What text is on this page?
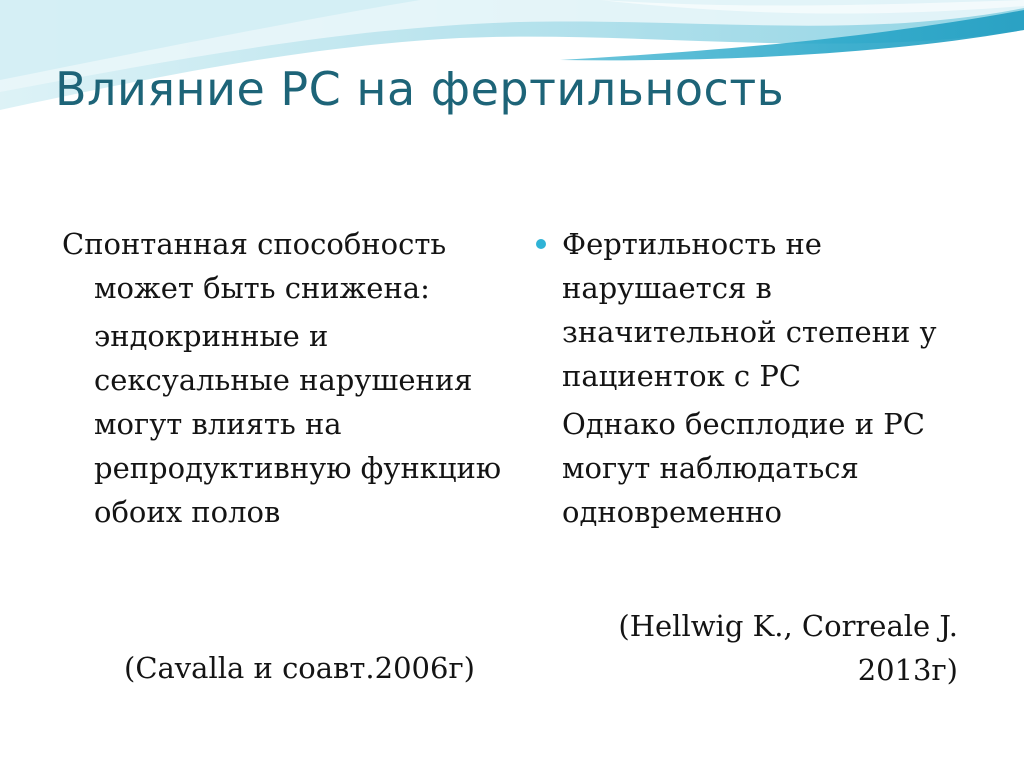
Влияние РС на фертильность

Спонтанная способность может быть снижена:

эндокринные и сексуальные нарушения могут влиять на репродуктивную функцию обоих полов

(Cavalla и соавт.2006г)

Фертильность не нарушается в значительной степени у пациенток с РС

Однако бесплодие и РС могут наблюдаться одновременно

(Hellwig K., Correale J. 2013г)
